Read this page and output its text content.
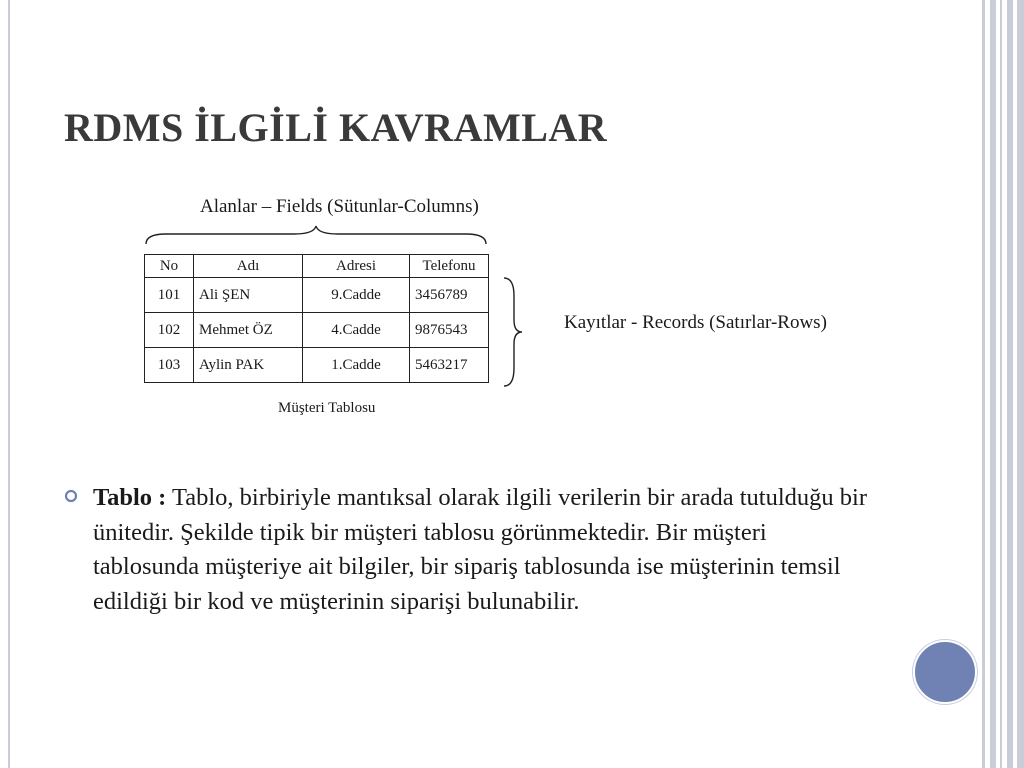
RDMS İLGİLİ KAVRAMLAR
Alanlar – Fields (Sütunlar-Columns)
No	Adı	Adresi	Telefonu
101	Ali ŞEN	9.Cadde	3456789
102	Mehmet ÖZ	4.Cadde	9876543
103	Aylin PAK	1.Cadde	5463217
Kayıtlar - Records (Satırlar-Rows)
Müşteri Tablosu
Tablo : Tablo, birbiriyle mantıksal olarak ilgili verilerin bir arada tutulduğu bir ünitedir. Şekilde tipik bir müşteri tablosu görünmektedir. Bir müşteri tablosunda müşteriye ait bilgiler, bir sipariş tablosunda ise müşterinin temsil edildiği bir kod ve müşterinin siparişi bulunabilir.
